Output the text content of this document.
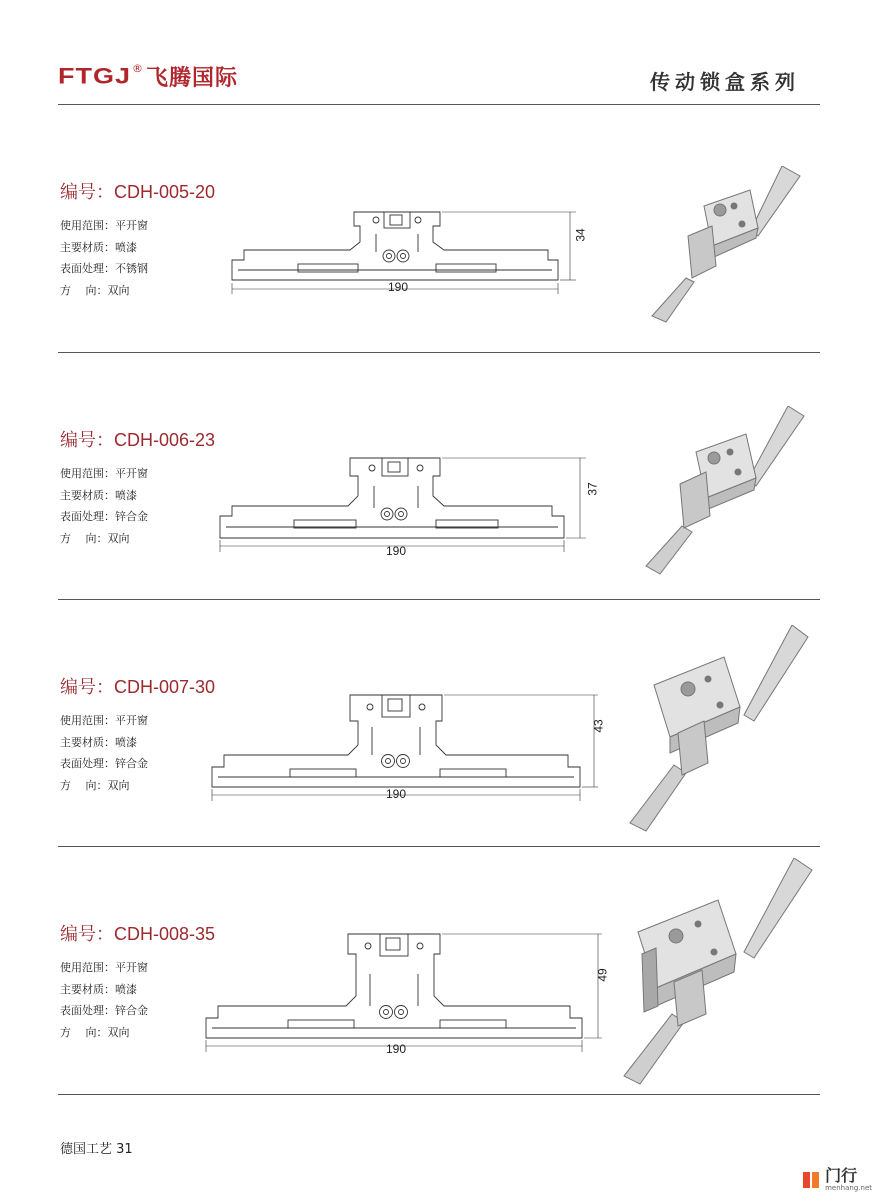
FTGJ ® 飞腾国际	传动锁盒系列
编号：CDH-005-20
使用范围：平开窗
主要材质：喷漆
表面处理：不锈钢
方　 向：双向	190
34
编号：CDH-006-23
使用范围：平开窗
主要材质：喷漆
表面处理：锌合金
方　 向：双向
190
37
编号：CDH-007-30
使用范围：平开窗
主要材质：喷漆
表面处理：锌合金
方　 向：双向
190
43
编号：CDH-008-35
使用范围：平开窗
主要材质：喷漆
表面处理：锌合金
方　 向：双向
190
49
德国工艺 31
门行
menhang.net
